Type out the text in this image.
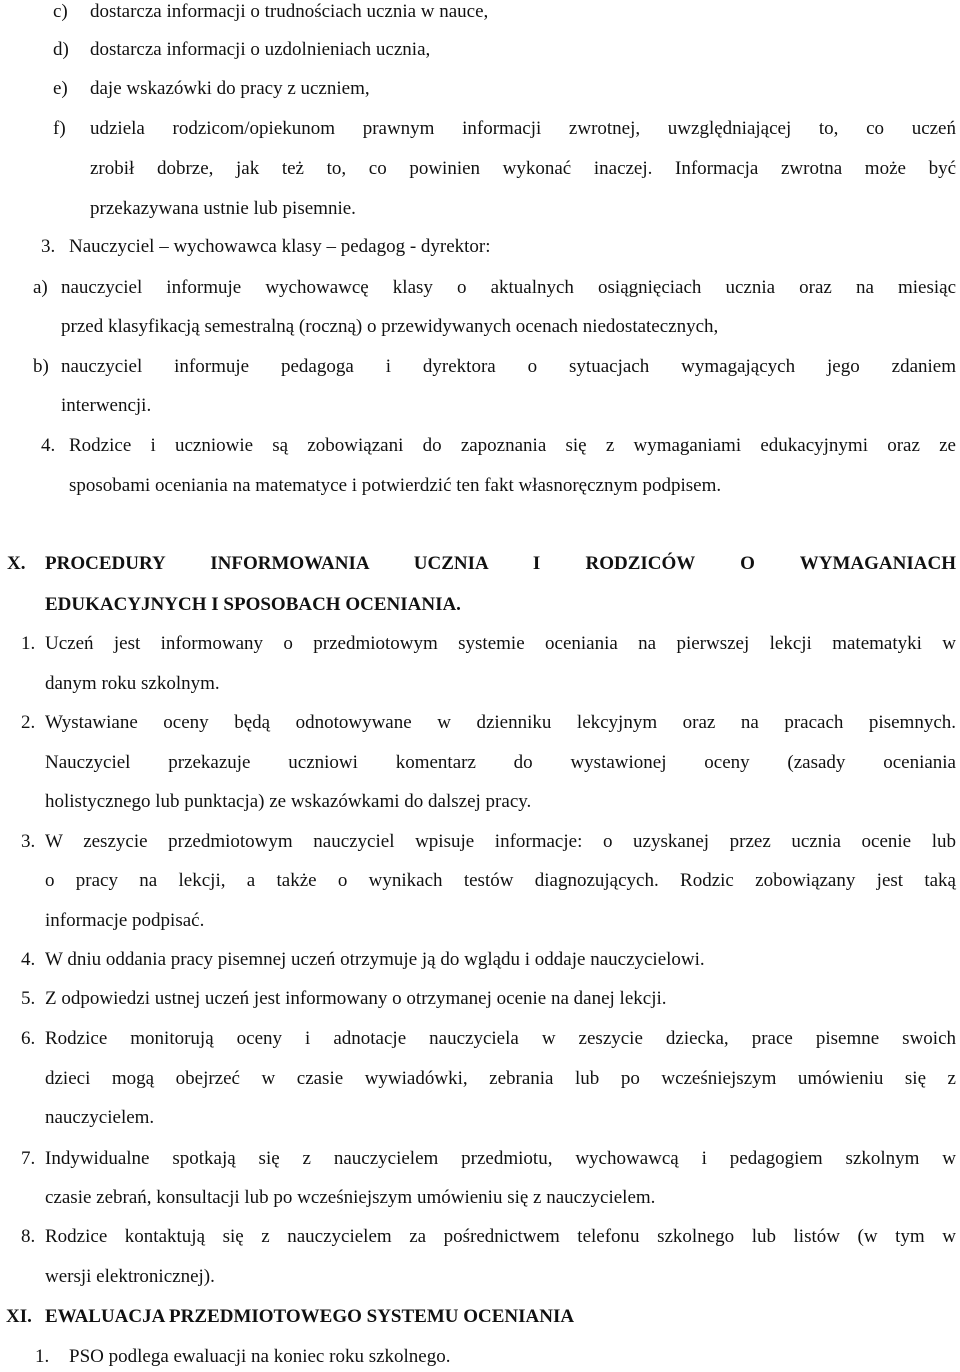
c) dostarcza informacji o trudnościach ucznia w nauce,
d) dostarcza informacji o uzdolnieniach ucznia,
e) daje wskazówki do pracy z uczniem,
f) udziela rodzicom/opiekunom prawnym informacji zwrotnej, uwzględniającej to, co uczeń
zrobił dobrze, jak też to, co powinien wykonać inaczej. Informacja zwrotna może być
przekazywana ustnie lub pisemnie.
3. Nauczyciel – wychowawca klasy – pedagog - dyrektor:
a) nauczyciel informuje wychowawcę klasy o aktualnych osiągnięciach ucznia oraz na miesiąc
przed klasyfikacją semestralną (roczną) o przewidywanych ocenach niedostatecznych,
b) nauczyciel informuje pedagoga i dyrektora o sytuacjach wymagających jego zdaniem
interwencji.
4. Rodzice i uczniowie są zobowiązani do zapoznania się z wymaganiami edukacyjnymi oraz ze
sposobami oceniania na matematyce i potwierdzić ten fakt własnoręcznym podpisem.
X. PROCEDURY INFORMOWANIA UCZNIA I RODZICÓW O WYMAGANIACH
EDUKACYJNYCH I SPOSOBACH OCENIANIA.
1. Uczeń jest informowany o przedmiotowym systemie oceniania na pierwszej lekcji matematyki w
danym roku szkolnym.
2. Wystawiane oceny będą odnotowywane w dzienniku lekcyjnym oraz na pracach pisemnych.
Nauczyciel przekazuje uczniowi komentarz do wystawionej oceny (zasady oceniania
holistycznego lub punktacja) ze wskazówkami do dalszej pracy.
3. W zeszycie przedmiotowym nauczyciel wpisuje informacje: o uzyskanej przez ucznia ocenie lub
o pracy na lekcji, a także o wynikach testów diagnozujących. Rodzic zobowiązany jest taką
informacje podpisać.
4. W dniu oddania pracy pisemnej uczeń otrzymuje ją do wglądu i oddaje nauczycielowi.
5. Z odpowiedzi ustnej uczeń jest informowany o otrzymanej ocenie na danej lekcji.
6. Rodzice monitorują oceny i adnotacje nauczyciela w zeszycie dziecka, prace pisemne swoich
dzieci mogą obejrzeć w czasie wywiadówki, zebrania lub po wcześniejszym umówieniu się z
nauczycielem.
7. Indywidualne spotkają się z nauczycielem przedmiotu, wychowawcą i pedagogiem szkolnym w
czasie zebrań, konsultacji lub po wcześniejszym umówieniu się z nauczycielem.
8. Rodzice kontaktują się z nauczycielem za pośrednictwem telefonu szkolnego lub listów (w tym w
wersji elektronicznej).
XI. EWALUACJA PRZEDMIOTOWEGO SYSTEMU OCENIANIA
1. PSO podlega ewaluacji na koniec roku szkolnego.
